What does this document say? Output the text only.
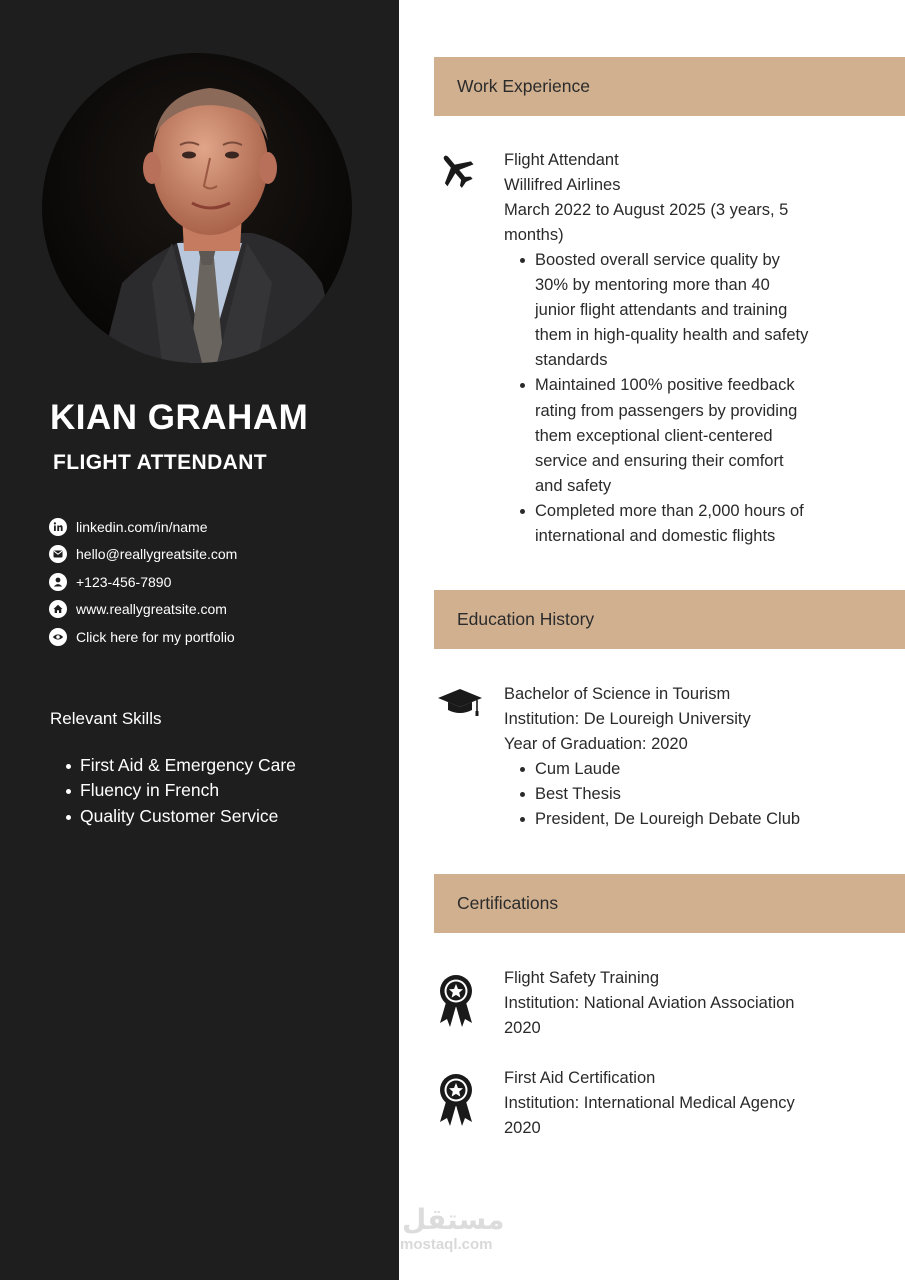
KIAN GRAHAM
FLIGHT ATTENDANT
linkedin.com/in/name
hello@reallygreatsite.com
+123-456-7890
www.reallygreatsite.com
Click here for my portfolio
Relevant Skills
First Aid & Emergency Care
Fluency in French
Quality Customer Service
Work Experience
Flight Attendant
Willifred Airlines
March 2022 to August 2025 (3 years, 5
months)
Boosted overall service quality by
30% by mentoring more than 40
junior flight attendants and training
them in high-quality health and safety
standards
Maintained 100% positive feedback
rating from passengers by providing
them exceptional client-centered
service and ensuring their comfort
and safety
Completed more than 2,000 hours of
international and domestic flights
Education History
Bachelor of Science in Tourism
Institution: De Loureigh University
Year of Graduation: 2020
Cum Laude
Best Thesis
President, De Loureigh Debate Club
Certifications
Flight Safety Training
Institution: National Aviation Association
2020
First Aid Certification
Institution: International Medical Agency
2020
مستقل
mostaql.com
